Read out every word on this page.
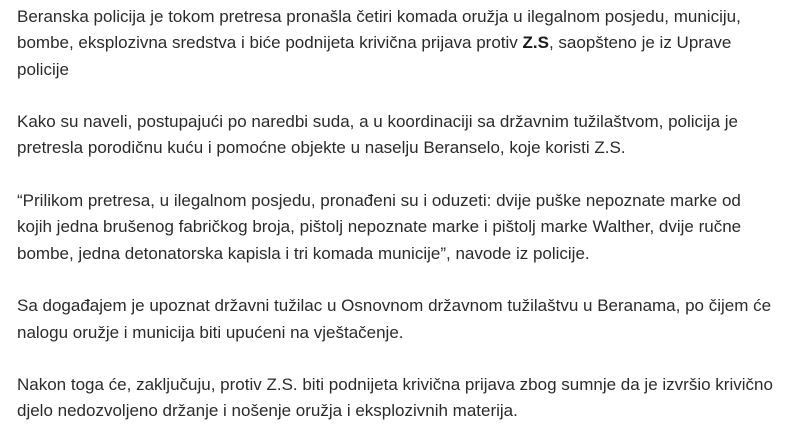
Beranska policija je tokom pretresa pronašla četiri komada oružja u ilegalnom posjedu, municiju, bombe, eksplozivna sredstva i biće podnijeta krivična prijava protiv Z.S, saopšteno je iz Uprave policije

Kako su naveli, postupajući po naredbi suda, a u koordinaciji sa državnim tužilaštvom, policija je pretresla porodičnu kuću i pomoćne objekte u naselju Beranselo, koje koristi Z.S.

“Prilikom pretresa, u ilegalnom posjedu, pronađeni su i oduzeti: dvije puške nepoznate marke od kojih jedna brušenog fabričkog broja, pištolj nepoznate marke i pištolj marke Walther, dvije ručne bombe, jedna detonatorska kapisla i tri komada municije”, navode iz policije.

Sa događajem je upoznat državni tužilac u Osnovnom državnom tužilaštvu u Beranama, po čijem će nalogu oružje i municija biti upućeni na vještačenje.

Nakon toga će, zaključuju, protiv Z.S. biti podnijeta krivična prijava zbog sumnje da je izvršio krivično djelo nedozvoljeno držanje i nošenje oružja i eksplozivnih materija.
